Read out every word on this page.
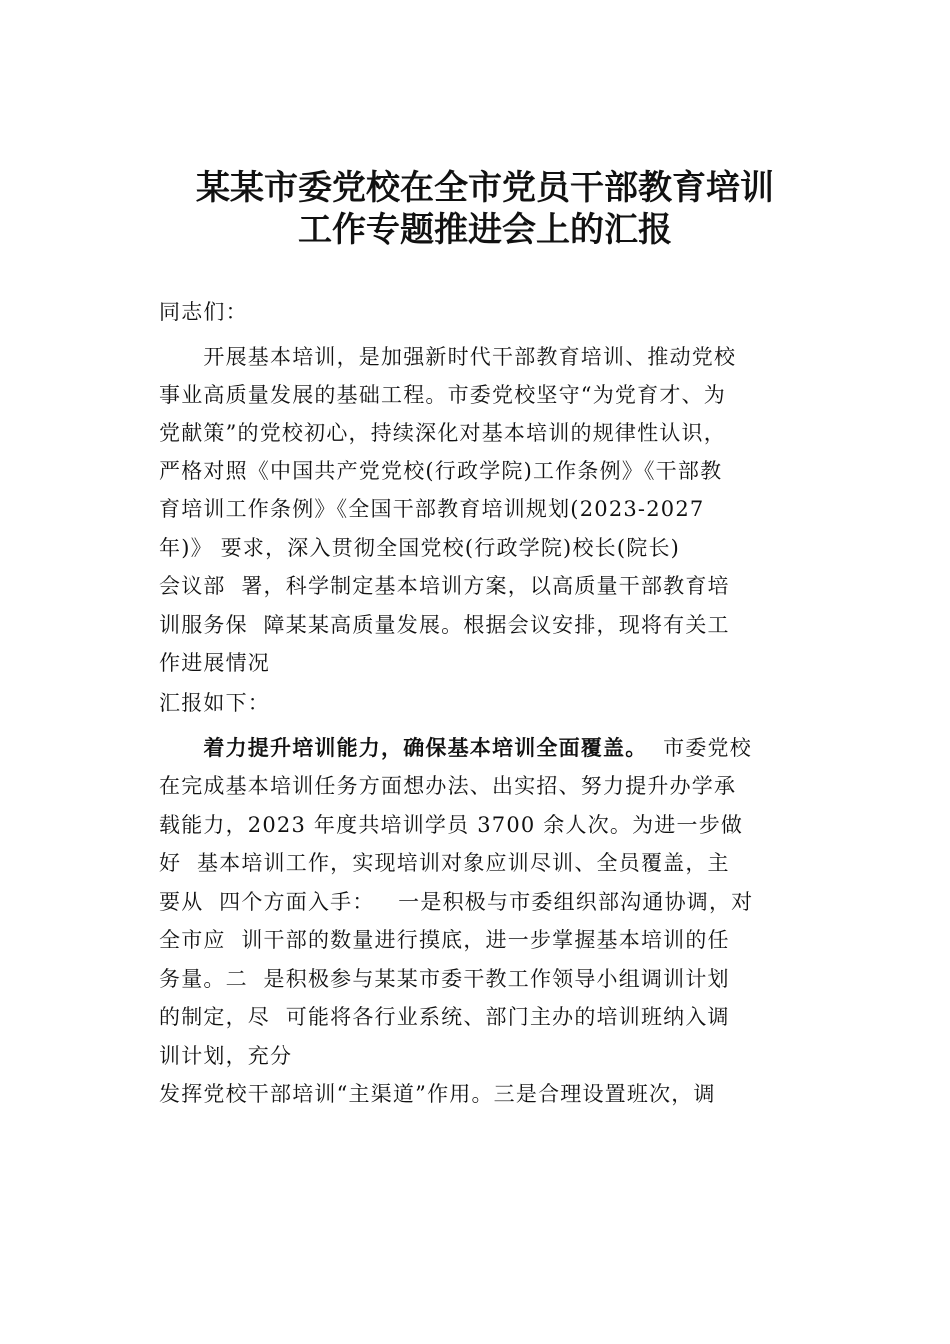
某某市委党校在全市党员干部教育培训
工作专题推进会上的汇报
同志们：
　　开展基本培训，是加强新时代干部教育培训、推动党校
事业高质量发展的基础工程。市委党校坚守“为党育才、为
党献策”的党校初心，持续深化对基本培训的规律性认识，
严格对照《中国共产党党校(行政学院)工作条例》《干部教
育培训工作条例》《全国干部教育培训规划(2023-2027
年)》 要求，深入贯彻全国党校(行政学院)校长(院长)
会议部  署，科学制定基本培训方案，以高质量干部教育培
训服务保  障某某高质量发展。根据会议安排，现将有关工
作进展情况
汇报如下：
　　着力提升培训能力，确保基本培训全面覆盖。  市委党校
在完成基本培训任务方面想办法、出实招、努力提升办学承
载能力，2023 年度共培训学员 3700 余人次。为进一步做
好  基本培训工作，实现培训对象应训尽训、全员覆盖，主
要从  四个方面入手：   一是积极与市委组织部沟通协调，对
全市应  训干部的数量进行摸底，进一步掌握基本培训的任
务量。二  是积极参与某某市委干教工作领导小组调训计划
的制定，尽  可能将各行业系统、部门主办的培训班纳入调
训计划，充分
发挥党校干部培训“主渠道”作用。三是合理设置班次，调
